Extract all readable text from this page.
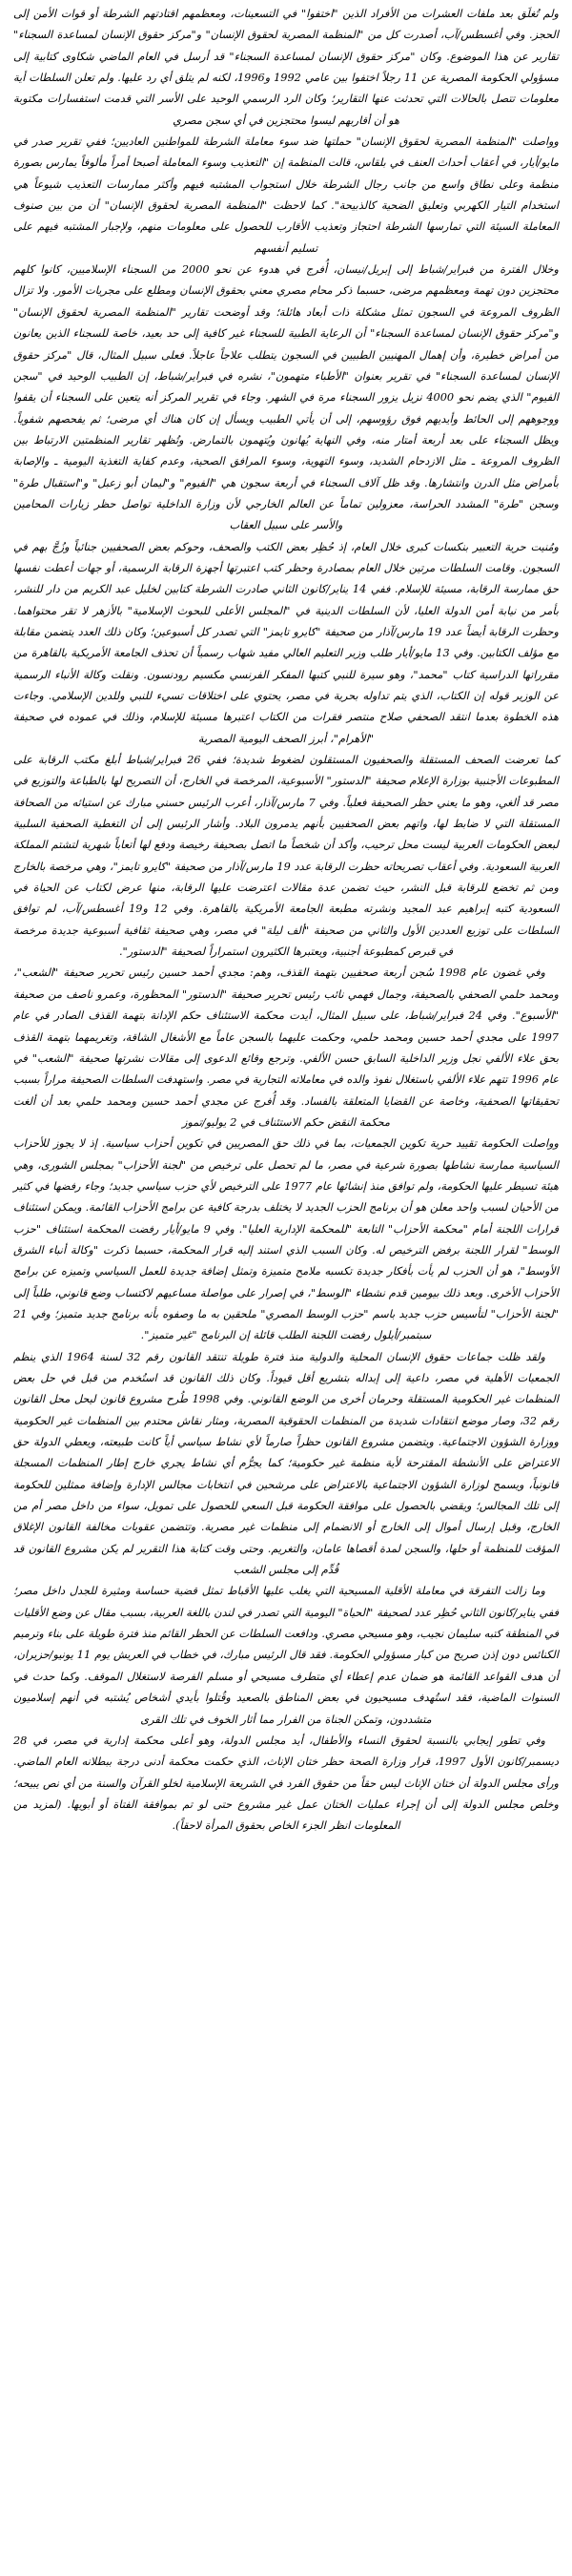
ولم تُغلَق بعد ملفات العشرات من الأفراد الذين "اختفوا" في التسعينات، ومعظمهم اقتادتهم الشرطة أو قوات الأمن إلى الحجز. وفي أغسطس/آب، أصدرت كل من "المنظمة المصرية لحقوق الإنسان" و"مركز حقوق الإنسان لمساعدة السجناء" تقارير عن هذا الموضوع. وكان "مركز حقوق الإنسان لمساعدة السجناء" قد أرسل في العام الماضي شكاوى كتابية إلى مسؤولي الحكومة المصرية عن 11 رجلاً اختفوا بين عامي 1992 و1996، لكنه لم يتلق أي رد عليها. ولم تعلن السلطات أية معلومات تتصل بالحالات التي تحدثت عنها التقارير؛ وكان الرد الرسمي الوحيد على الأسر التي قدمت استفسارات مكتوبة هو أن أقاربهم ليسوا محتجزين في أي سجن مصري

وواصلت "المنظمة المصرية لحقوق الإنسان" حملتها ضد سوء معاملة الشرطة للمواطنين العاديين؛ ففي تقرير صدر في مايو/أيار، في أعقاب أحداث العنف في بلقاس، قالت المنظمة إن "التعذيب وسوء المعاملة أصبحا أمراً مألوفاً يمارس بصورة منظمة وعلى نطاق واسع من جانب رجال الشرطة خلال استجواب المشتبه فيهم وأكثر ممارسات التعذيب شيوعاً هي استخدام التيار الكهربي وتعليق الضحية كالذبيحة". كما لاحظت "المنظمة المصرية لحقوق الإنسان" أن من بين صنوف المعاملة السيئة التي تمارسها الشرطة احتجاز وتعذيب الأقارب للحصول على معلومات منهم، ولإجبار المشتبه فيهم على تسليم أنفسهم

وخلال الفترة من فبراير/شباط إلى إبريل/نيسان، أُفرج في هدوء عن نحو 2000 من السجناء الإسلاميين، كانوا كلهم محتجزين دون تهمة ومعظمهم مرضى، حسبما ذكر محام مصري معني بحقوق الإنسان ومطلع على مجريات الأمور. ولا تزال الظروف المروعة في السجون تمثل مشكلة ذات أبعاد هائلة؛ وقد أوضحت تقارير "المنظمة المصرية لحقوق الإنسان" و"مركز حقوق الإنسان لمساعدة السجناء" أن الرعاية الطبية للسجناء غير كافية إلى حد بعيد، خاصة للسجناء الذين يعانون من أمراض خطيرة، وأن إهمال المهنيين الطبيين في السجون يتطلب علاجاً عاجلاً. فعلى سبيل المثال، قال "مركز حقوق الإنسان لمساعدة السجناء" في تقرير بعنوان "الأطباء متهمون"، نشره في فبراير/شباط، إن الطبيب الوحيد في "سجن الفيوم" الذي يضم نحو 4000 نزيل يزور السجناء مرة في الشهر. وجاء في تقرير المركز أنه يتعين على السجناء أن يقفوا ووجوههم إلى الحائط وأيديهم فوق رؤوسهم، إلى أن يأتي الطبيب ويسأل إن كان هناك أي مرضى؛ ثم يفحصهم شفوياً. ويظل السجناء على بعد أربعة أمتار منه، وفي النهاية يُهانون ويُتهمون بالتمارض. وتُظهر تقارير المنظمتين الارتباط بين الظروف المروعة ـ مثل الازدحام الشديد، وسوء التهوية، وسوء المرافق الصحية، وعدم كفاية التغذية اليومية ـ والإصابة بأمراض مثل الدرن وانتشارها. وقد ظل آلاف السجناء في أربعة سجون هي "الفيوم" و"ليمان أبو زعبل" و"استقبال طرة" وسجن "طرة" المشدد الحراسة، معزولين تماماً عن العالم الخارجي لأن وزارة الداخلية تواصل حظر زيارات المحامين والأسر على سبيل العقاب

ومُنيت حرية التعبير بنكسات كبرى خلال العام، إذ حُظِر بعض الكتب والصحف، وحوكم بعض الصحفيين جنائياً وزُجَّ بهم في السجون. وقامت السلطات مرتين خلال العام بمصادرة وحظر كتب اعتبرتها أجهزة الرقابة الرسمية، أو جهات أعطت نفسها حق ممارسة الرقابة، مسيئة للإسلام. ففي 14 يناير/كانون الثاني صادرت الشرطة كتابين لخليل عبد الكريم من دار للنشر، بأمر من نيابة أمن الدولة العليا، لأن السلطات الدينية في "المجلس الأعلى للبحوث الإسلامية" بالأزهر لا تقر محتواهما. وحظرت الرقابة أيضاً عدد 19 مارس/آذار من صحيفة "كايرو تايمز" التي تصدر كل أسبوعين؛ وكان ذلك العدد يتضمن مقابلة مع مؤلف الكتابين. وفي 13 مايو/أيار طلب وزير التعليم العالي مفيد شهاب رسمياً أن تحذف الجامعة الأمريكية بالقاهرة من مقرراتها الدراسية كتاب "محمد"، وهو سيرة للنبي كتبها المفكر الفرنسي مكسيم رودنسون. ونقلت وكالة الأنباء الرسمية عن الوزير قوله إن الكتاب، الذي يتم تداوله بحرية في مصر، يحتوي على اختلاقات تسيء للنبي وللدين الإسلامي. وجاءت هذه الخطوة بعدما انتقد الصحفي صلاح منتصر فقرات من الكتاب اعتبرها مسيئة للإسلام، وذلك في عموده في صحيفة "الأهرام"، أبرز الصحف اليومية المصرية

كما تعرضت الصحف المستقلة والصحفيون المستقلون لضغوط شديدة؛ ففي 26 فبراير/شباط أبلغ مكتب الرقابة على المطبوعات الأجنبية بوزارة الإعلام صحيفة "الدستور" الأسبوعية، المرخصة في الخارج، أن التصريح لها بالطباعة والتوزيع في مصر قد ألغي، وهو ما يعني حظر الصحيفة فعلياً. وفي 7 مارس/آذار، أعرب الرئيس حسني مبارك عن استيائه من الصحافة المستقلة التي لا ضابط لها، واتهم بعض الصحفيين بأنهم يدمرون البلاد. وأشار الرئيس إلى أن التغطية الصحفية السلبية لبعض الحكومات العربية ليست محل ترحيب، وأكد أن شخصاً ما اتصل بصحيفة رخيصة ودفع لها أتعاباً شهرية لتشتم المملكة العربية السعودية. وفي أعقاب تصريحاته حظرت الرقابة عدد 19 مارس/آذار من صحيفة "كايرو تايمز"، وهي مرخصة بالخارج ومن ثم تخضع للرقابة قبل النشر، حيث تضمن عدة مقالات اعترضت عليها الرقابة، منها عرض لكتاب عن الحياة في السعودية كتبه إبراهيم عبد المجيد ونشرته مطبعة الجامعة الأمريكية بالقاهرة. وفي 12 و19 أغسطس/آب، لم توافق السلطات على توزيع العددين الأول والثاني من صحيفة "ألف ليلة" في مصر، وهي صحيفة ثقافية أسبوعية جديدة مرخصة في قبرص كمطبوعة أجنبية، ويعتبرها الكثيرون استمراراً لصحيفة "الدستور".

وفي غضون عام 1998 سُجن أربعة صحفيين بتهمة القذف، وهم: مجدي أحمد حسين رئيس تحرير صحيفة "الشعب"، ومحمد حلمي الصحفي بالصحيفة، وجمال فهمي نائب رئيس تحرير صحيفة "الدستور" المحظورة، وعمرو ناصف من صحيفة "الأسبوع". وفي 24 فبراير/شباط، على سبيل المثال، أيدت محكمة الاستئناف حكم الإدانة بتهمة القذف الصادر في عام 1997 على مجدي أحمد حسين ومحمد حلمي، وحكمت عليهما بالسجن عاماً مع الأشغال الشاقة، وتغريمهما بتهمة القذف بحق علاء الألفي نجل وزير الداخلية السابق حسن الألفي. وترجع وقائع الدعوى إلى مقالات نشرتها صحيفة "الشعب" في عام 1996 تتهم علاء الألفي باستغلال نفوذ والده في معاملاته التجارية في مصر. واستهدفت السلطات الصحيفة مراراً بسبب تحقيقاتها الصحفية، وخاصة عن القضايا المتعلقة بالفساد. وقد أُفرج عن مجدي أحمد حسين ومحمد حلمي بعد أن ألغت محكمة النقض حكم الاستئناف في 2 يوليو/تموز

وواصلت الحكومة تقييد حرية تكوين الجمعيات، بما في ذلك حق المصريين في تكوين أحزاب سياسية. إذ لا يجوز للأحزاب السياسية ممارسة نشاطها بصورة شرعية في مصر، ما لم تحصل على ترخيص من "لجنة الأحزاب" بمجلس الشورى، وهي هيئة تسيطر عليها الحكومة، ولم توافق منذ إنشائها عام 1977 على الترخيص لأي حزب سياسي جديد؛ وجاء رفضها في كثير من الأحيان لسبب واحد معلن هو أن برنامج الحزب الجديد لا يختلف بدرجة كافية عن برامج الأحزاب القائمة. ويمكن استئناف قرارات اللجنة أمام "محكمة الأحزاب" التابعة "للمحكمة الإدارية العليا". وفي 9 مايو/أيار رفضت المحكمة استئناف "حزب الوسط" لقرار اللجنة برفض الترخيص له. وكان السبب الذي استند إليه قرار المحكمة، حسبما ذكرت "وكالة أنباء الشرق الأوسط"، هو أن الحزب لم يأت بأفكار جديدة تكسبه ملامح متميزة وتمثل إضافة جديدة للعمل السياسي وتميزه عن برامج الأحزاب الأخرى. وبعد ذلك بيومين قدم نشطاء "الوسط"، في إصرار على مواصلة مساعيهم لاكتساب وضع قانوني، طلباً إلى "لجنة الأحزاب" لتأسيس حزب جديد باسم "حزب الوسط المصري" ملحقين به ما وصفوه بأنه برنامج جديد متميز؛ وفي 21 سبتمبر/أيلول رفضت اللجنة الطلب قائلة إن البرنامج "غير متميز".

ولقد ظلت جماعات حقوق الإنسان المحلية والدولية منذ فترة طويلة تنتقد القانون رقم 32 لسنة 1964 الذي ينظم الجمعيات الأهلية في مصر، داعية إلى إبداله بتشريع أقل قيوداً. وكان ذلك القانون قد استُخدم من قبل في حل بعض المنظمات غير الحكومية المستقلة وحرمان أخرى من الوضع القانوني. وفي 1998 طُرح مشروع قانون ليحل محل القانون رقم 32، وصار موضع انتقادات شديدة من المنظمات الحقوقية المصرية، ومثار نقاش محتدم بين المنظمات غير الحكومية ووزارة الشؤون الاجتماعية. ويتضمن مشروع القانون حظراً صارماً لأي نشاط سياسي أياً كانت طبيعته، ويعطي الدولة حق الاعتراض على الأنشطة المقترحة لأية منظمة غير حكومية؛ كما يجرُّم أي نشاط يجري خارج إطار المنظمات المسجلة قانونياً، ويسمح لوزارة الشؤون الاجتماعية بالاعتراض على مرشحين في انتخابات مجالس الإدارة وإضافة ممثلين للحكومة إلى تلك المجالس؛ ويقضي بالحصول على موافقة الحكومة قبل السعي للحصول على تمويل، سواء من داخل مصر أم من الخارج، وقبل إرسال أموال إلى الخارج أو الانضمام إلى منظمات غير مصرية. وتتضمن عقوبات مخالفة القانون الإغلاق المؤقت للمنظمة أو حلها، والسجن لمدة أقصاها عامان، والتغريم. وحتى وقت كتابة هذا التقرير لم يكن مشروع القانون قد قُدِّم إلى مجلس الشعب

وما زالت التفرقة في معاملة الأقلية المسيحية التي يغلب عليها الأقباط تمثل قضية حساسة ومثيرة للجدل داخل مصر؛ ففي يناير/كانون الثاني حُظِر عدد لصحيفة "الحياة" اليومية التي تصدر في لندن باللغة العربية، بسبب مقال عن وضع الأقليات في المنطقة كتبه سليمان نجيب، وهو مسيحي مصري. ودافعت السلطات عن الحظر القائم منذ فترة طويلة على بناء وترميم الكنائس دون إذن صريح من كبار مسؤولي الحكومة. فقد قال الرئيس مبارك، في خطاب في العريش يوم 11 يونيو/حزيران، أن هدف القواعد القائمة هو ضمان عدم إعطاء أي متطرف مسيحي أو مسلم الفرصة لاستغلال الموقف. وكما حدث في السنوات الماضية، فقد استُهدف مسيحيون في بعض المناطق بالصعيد وقُتلوا بأيدي أشخاص يُشتبه في أنهم إسلاميون متشددون، وتمكن الجناة من الفرار مما أثار الخوف في تلك القرى

وفي تطور إيجابي بالنسبة لحقوق النساء والأطفال، أيد مجلس الدولة، وهو أعلى محكمة إدارية في مصر، في 28 ديسمبر/كانون الأول 1997، قرار وزارة الصحة حظر ختان الإناث، الذي حكمت محكمة أدنى درجة ببطلانه العام الماضي. ورأى مجلس الدولة أن ختان الإناث ليس حقاً من حقوق الفرد في الشريعة الإسلامية لخلو القرآن والسنة من أي نص يبيحه؛ وخلص مجلس الدولة إلى أن إجراء عمليات الختان عمل غير مشروع حتى لو تم بموافقة الفتاة أو أبويها. (لمزيد من المعلومات انظر الجزء الخاص بحقوق المرأة لاحقاً).
